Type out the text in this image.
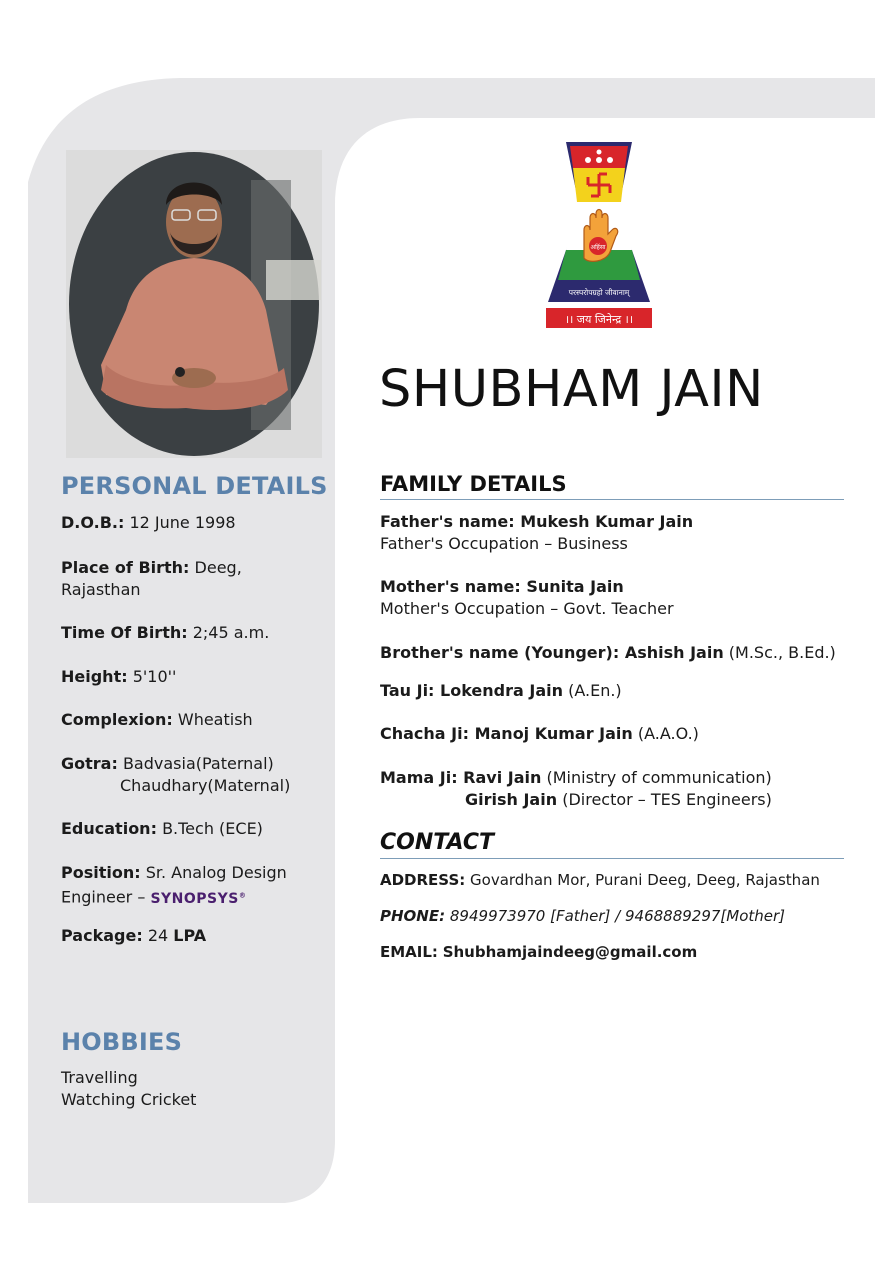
PERSONAL DETAILS
D.O.B.: 12 June 1998
Place of Birth: Deeg,
Rajasthan
Time Of Birth: 2;45 a.m.
Height: 5'10''
Complexion: Wheatish
Gotra: Badvasia(Paternal)
Chaudhary(Maternal)
Education: B.Tech (ECE)
Position: Sr. Analog Design
Engineer – SYNOPSYS®
Package: 24 LPA
HOBBIES
Travelling
Watching Cricket
अहिंसा
परस्परोपग्रहो जीवानाम्
।। जय जिनेन्द्र ।।
SHUBHAM JAIN
FAMILY DETAILS
Father's name: Mukesh Kumar Jain
Father's Occupation – Business
Mother's name: Sunita Jain
Mother's Occupation – Govt. Teacher
Brother's name (Younger): Ashish Jain (M.Sc., B.Ed.)
Tau Ji: Lokendra Jain (A.En.)
Chacha Ji: Manoj Kumar Jain (A.A.O.)
Mama Ji: Ravi Jain (Ministry of communication)
Girish Jain (Director – TES Engineers)
CONTACT
ADDRESS: Govardhan Mor, Purani Deeg, Deeg, Rajasthan
PHONE: 8949973970 [Father] / 9468889297[Mother]
EMAIL: Shubhamjaindeeg@gmail.com
